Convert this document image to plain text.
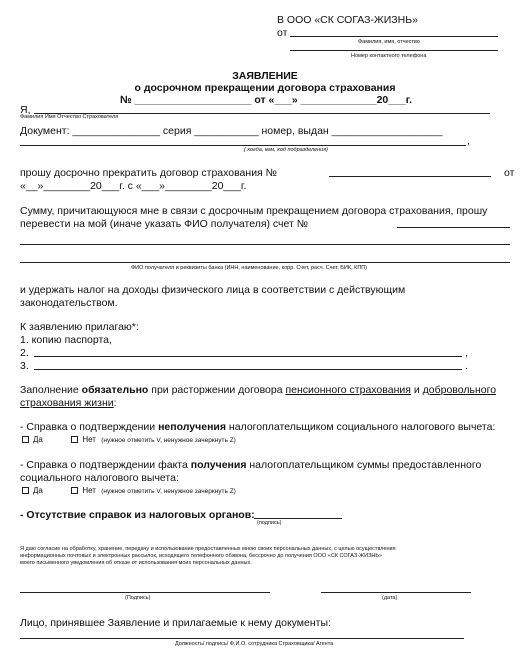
В ООО «СК СОГАЗ-ЖИЗНЬ»
от
Фамилия, имя, отчество
Номер контактного телефона
ЗАЯВЛЕНИЕ
о досрочном прекращении договора страхования
№ ____________________ от «___» _____________20___г.
Я,
Фамилия Имя Отчество Страхователя
Документ: _______________ серия ___________ номер, выдан ___________________
,
( когда, кем, код подразделения)
прошу досрочно прекратить договор страхования №	от
«__»________20___г. с «___»________20___г.
Сумму, причитающуюся мне в связи с досрочным прекращением договора страхования, прошу
перевести на мой (иначе указать ФИО получателя) счет №
ФИО получателя и реквизиты банка (ИНН, наименование, корр. Счет, расч. Счет, БИК, КПП)
и удержать налог на доходы физического лица в соответствии с действующим
законодательством.
К заявлению прилагаю*:
1. копию паспорта,
2.	,
3.	.
Заполнение обязательно при расторжении договора пенсионного страхования и добровольного
страхования жизни:
- Справка о подтверждении неполучения налогоплательщиком социального налогового вычета:
Да	Нет (нужное отметить V, ненужное зачеркнуть Z)
- Справка о подтверждении факта получения налогоплательщиком суммы предоставленного
социального налогового вычета:
Да	Нет (нужное отметить V, ненужное зачеркнуть Z)
- Отсутствие справок из налоговых органов:
(подпись)
Я даю согласие на обработку, хранение, передачу и использование предоставленных мною своих персональных данных, с целью осуществления
информационных почтовых и электронных рассылок, исходящего телефонного обзвона, бессрочно до получения ООО «СК СОГАЗ-ЖИЗНЬ»
моего письменного уведомления об отказе от использования моих персональных данных.
(Подпись)	(дата)
Лицо, принявшее Заявление и прилагаемые к нему документы:
Должность/ подпись/ Ф.И.О. сотрудника Страховщика/ Агента
